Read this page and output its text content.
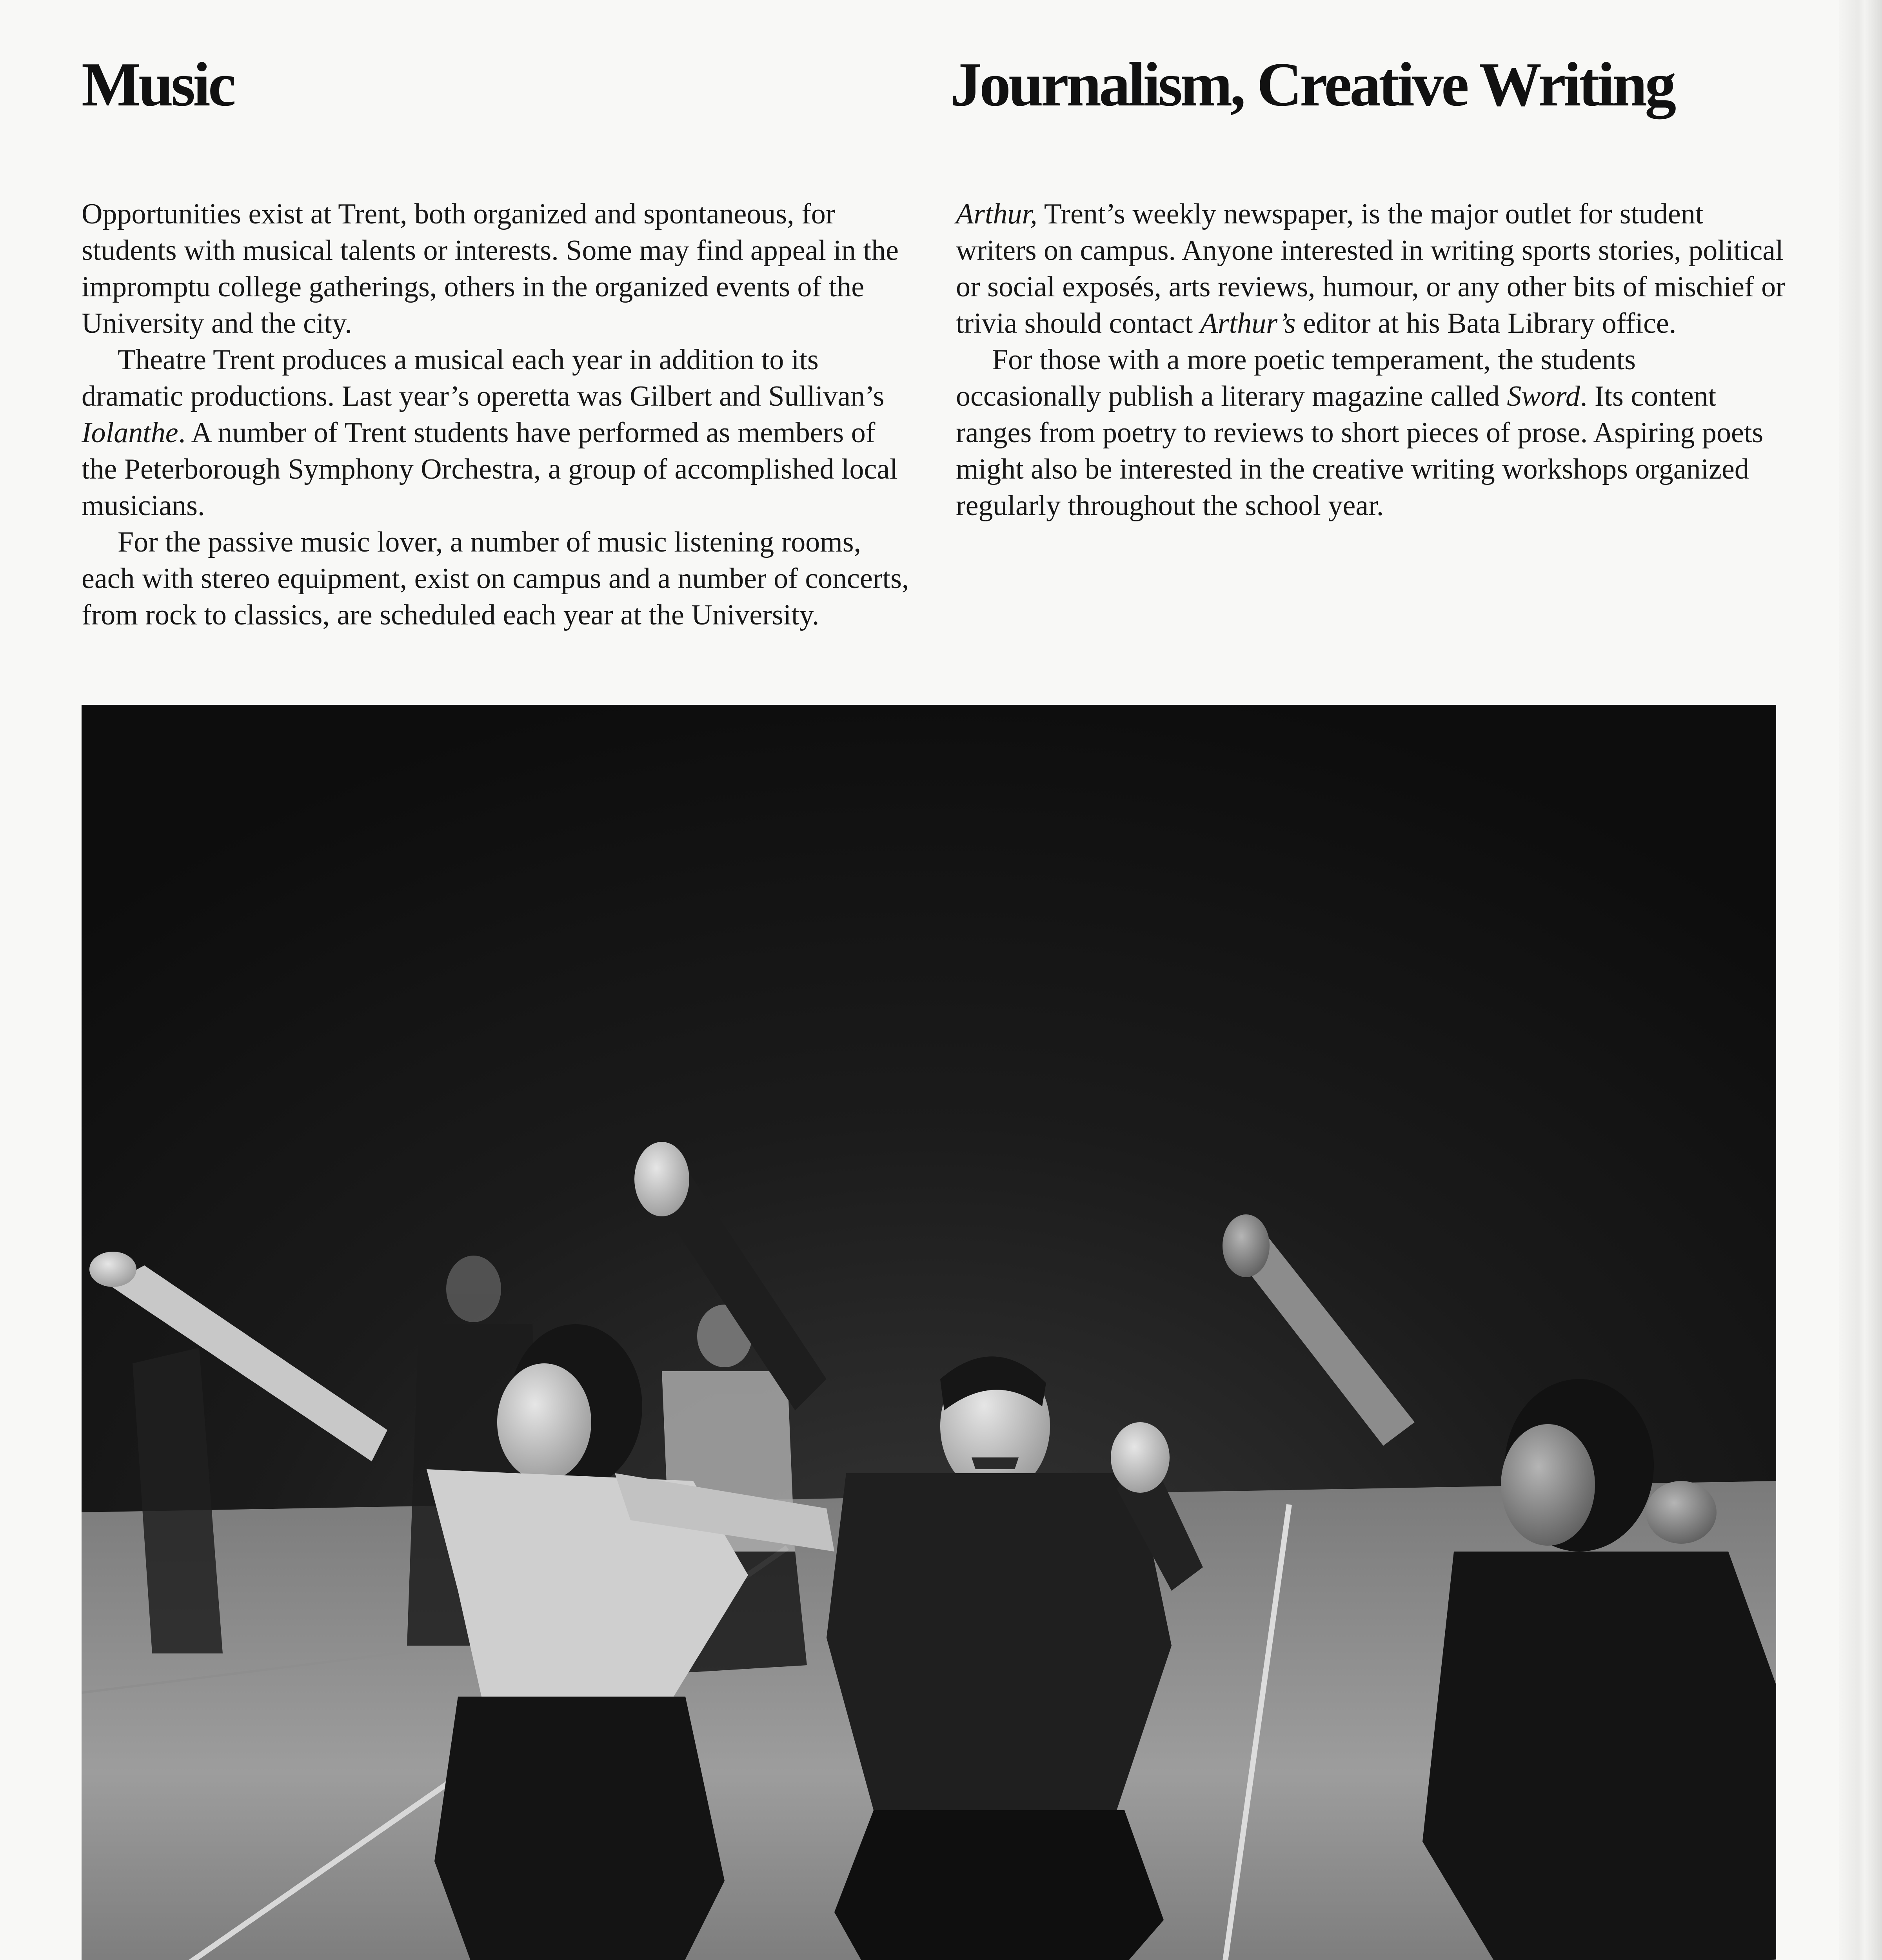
Music	Journalism, Creative Writing

Opportunities exist at Trent, both organized and spontaneous, for students with musical talents or interests. Some may find appeal in the impromptu college gatherings, others in the organized events of the University and the city.

Theatre Trent produces a musical each year in addition to its dramatic productions. Last year’s operetta was Gilbert and Sullivan’s Iolanthe. A number of Trent students have performed as members of the Peterborough Symphony Orchestra, a group of accomplished local musicians.

For the passive music lover, a number of music listening rooms, each with stereo equipment, exist on campus and a number of concerts, from rock to classics, are scheduled each year at the University.

Arthur, Trent’s weekly newspaper, is the major outlet for student writers on campus. Anyone interested in writing sports stories, political or social exposés, arts reviews, humour, or any other bits of mischief or trivia should contact Arthur’s editor at his Bata Library office.

For those with a more poetic temperament, the students occasionally publish a literary magazine called Sword. Its content ranges from poetry to reviews to short pieces of prose. Aspiring poets might also be interested in the creative writing workshops organized regularly throughout the school year.
